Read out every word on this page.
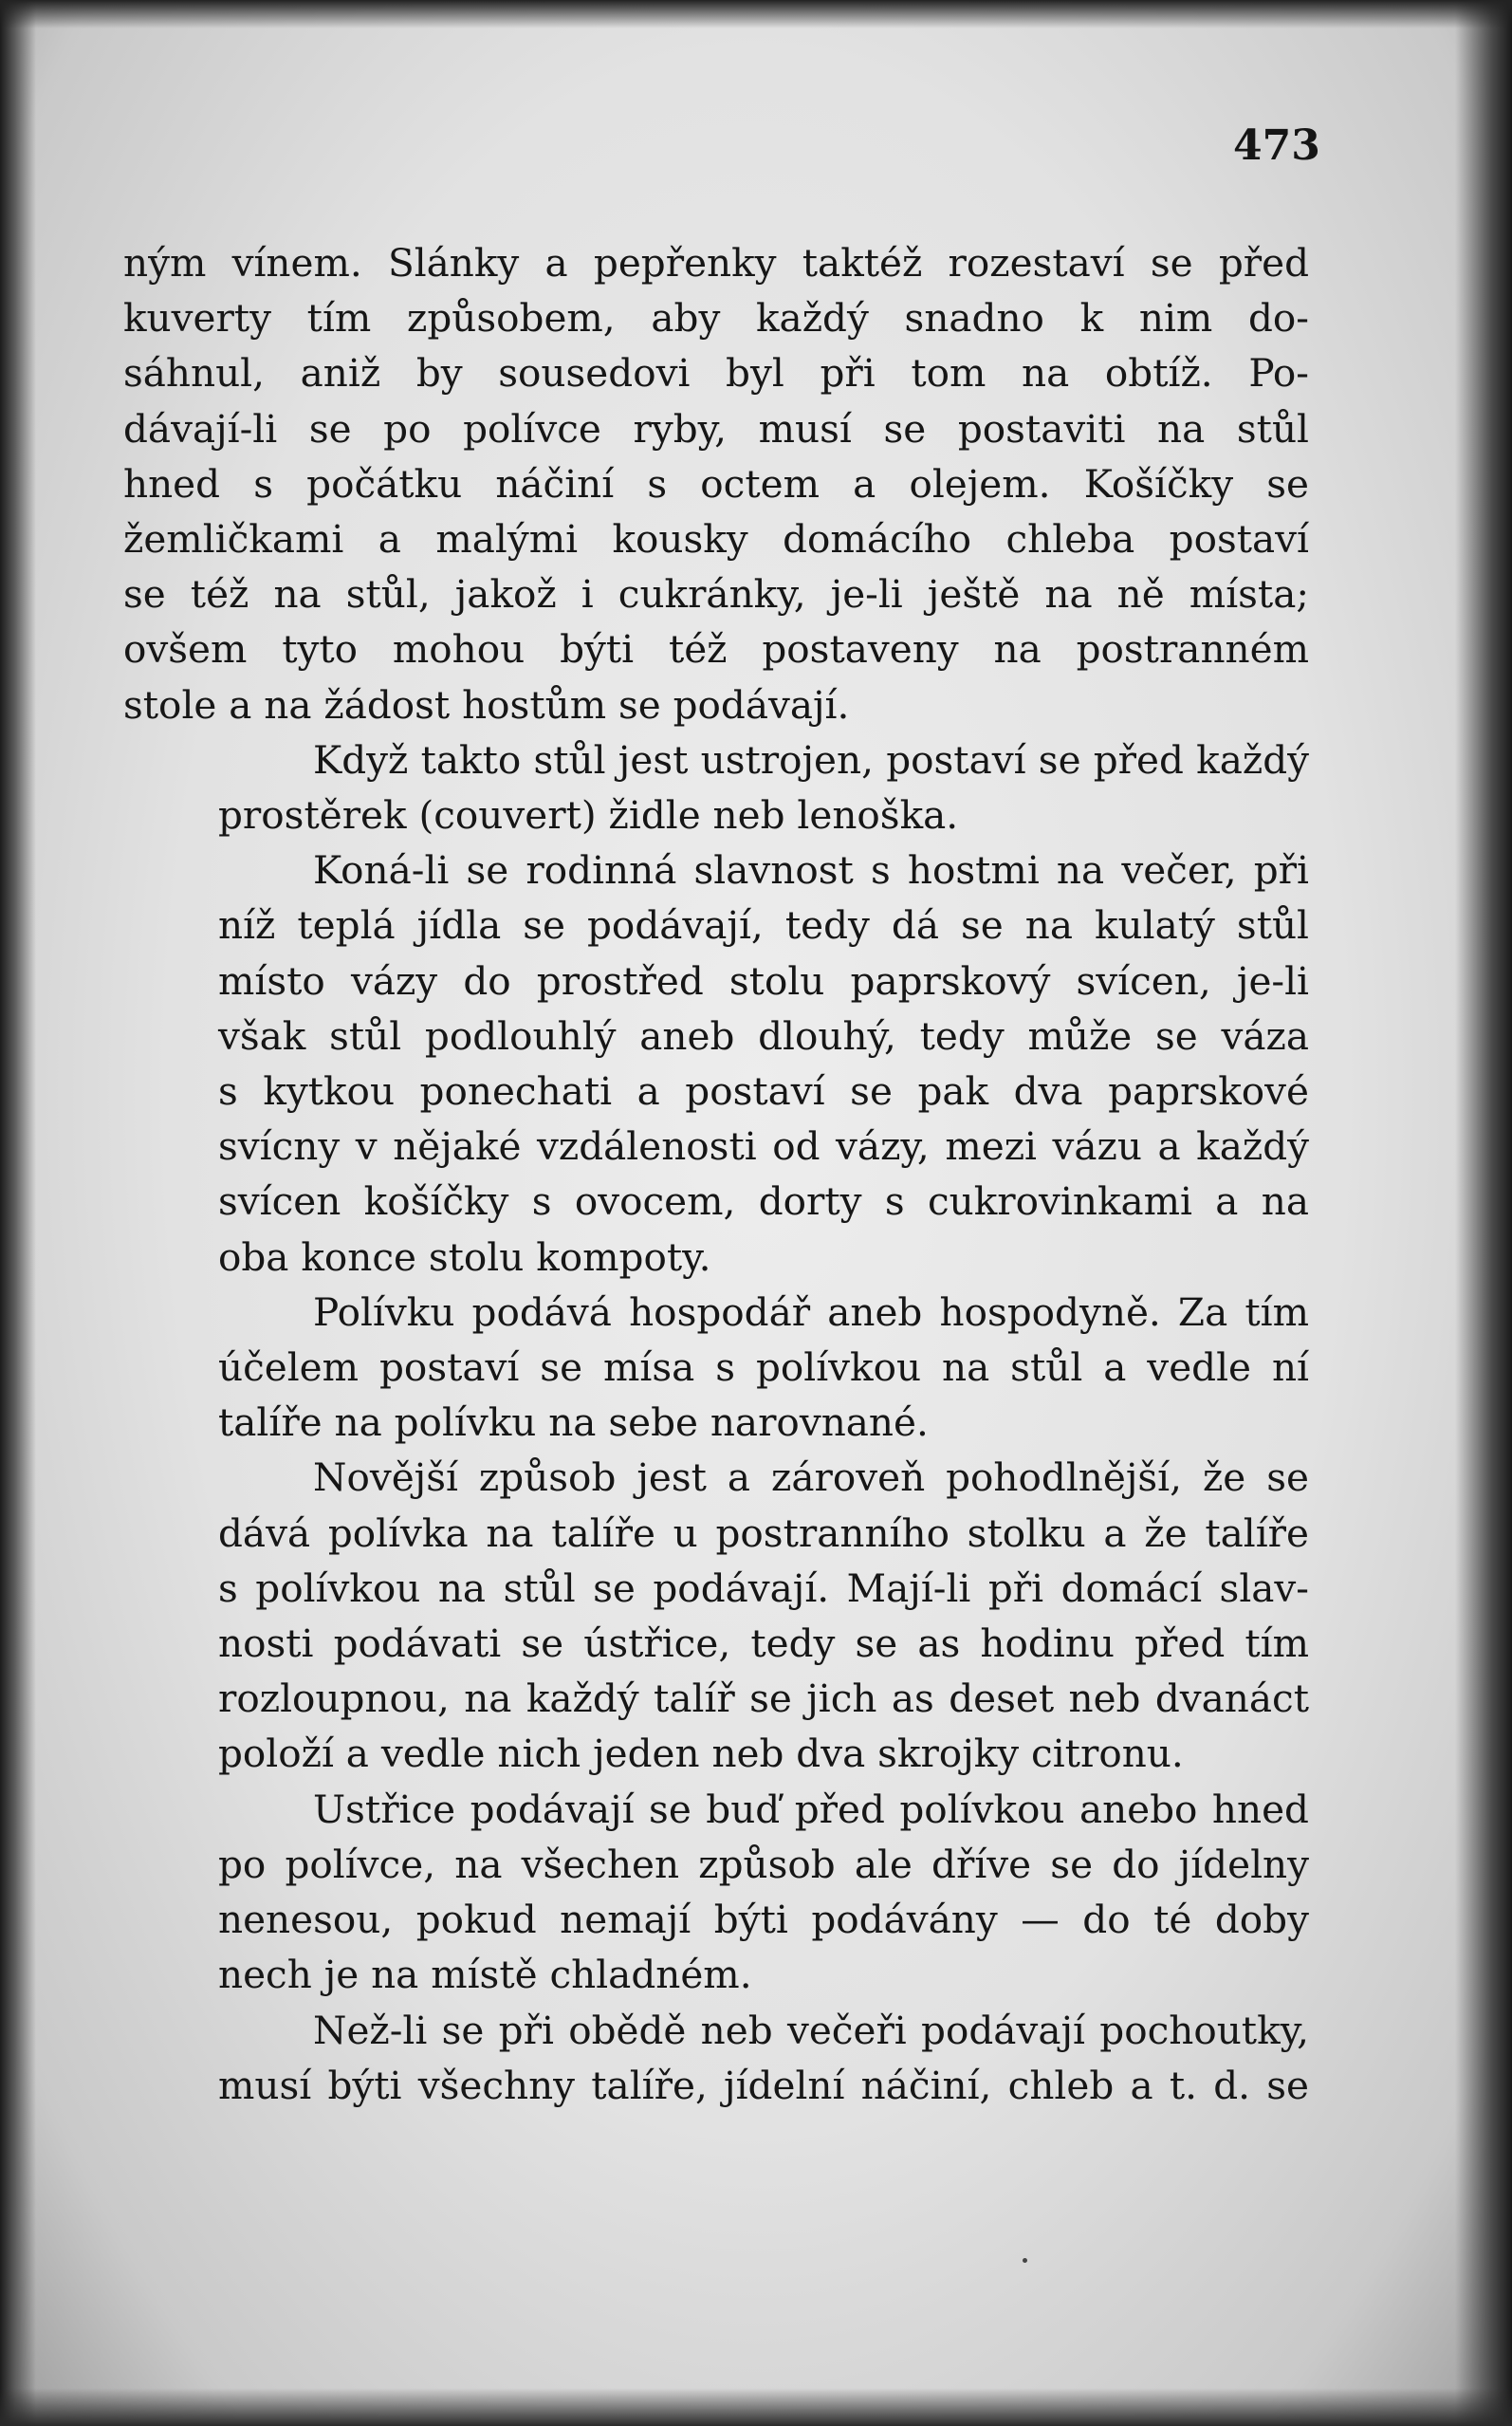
473
ným vínem. Slánky a pepřenky taktéž rozestaví se před
kuverty tím způsobem, aby každý snadno k nim do-
sáhnul, aniž by sousedovi byl při tom na obtíž. Po-
dávají-li se po polívce ryby, musí se postaviti na stůl
hned s počátku náčiní s octem a olejem. Košíčky se
žemličkami a malými kousky domácího chleba postaví
se též na stůl, jakož i cukránky, je-li ještě na ně místa;
ovšem tyto mohou býti též postaveny na postranném
stole a na žádost hostům se podávají.
Když takto stůl jest ustrojen, postaví se před každý
prostěrek (couvert) židle neb lenoška.
Koná-li se rodinná slavnost s hostmi na večer, při
níž teplá jídla se podávají, tedy dá se na kulatý stůl
místo vázy do prostřed stolu paprskový svícen, je-li
však stůl podlouhlý aneb dlouhý, tedy může se váza
s kytkou ponechati a postaví se pak dva paprskové
svícny v nějaké vzdálenosti od vázy, mezi vázu a každý
svícen košíčky s ovocem, dorty s cukrovinkami a na
oba konce stolu kompoty.
Polívku podává hospodář aneb hospodyně. Za tím
účelem postaví se mísa s polívkou na stůl a vedle ní
talíře na polívku na sebe narovnané.
Novější způsob jest a zároveň pohodlnější, že se
dává polívka na talíře u postranního stolku a že talíře
s polívkou na stůl se podávají. Mají-li při domácí slav-
nosti podávati se ústřice, tedy se as hodinu před tím
rozloupnou, na každý talíř se jich as deset neb dvanáct
položí a vedle nich jeden neb dva skrojky citronu.
Ustřice podávají se buď před polívkou anebo hned
po polívce, na všechen způsob ale dříve se do jídelny
nenesou, pokud nemají býti podávány — do té doby
nech je na místě chladném.
Než-li se při obědě neb večeři podávají pochoutky,
musí býti všechny talíře, jídelní náčiní, chleb a t. d. se
